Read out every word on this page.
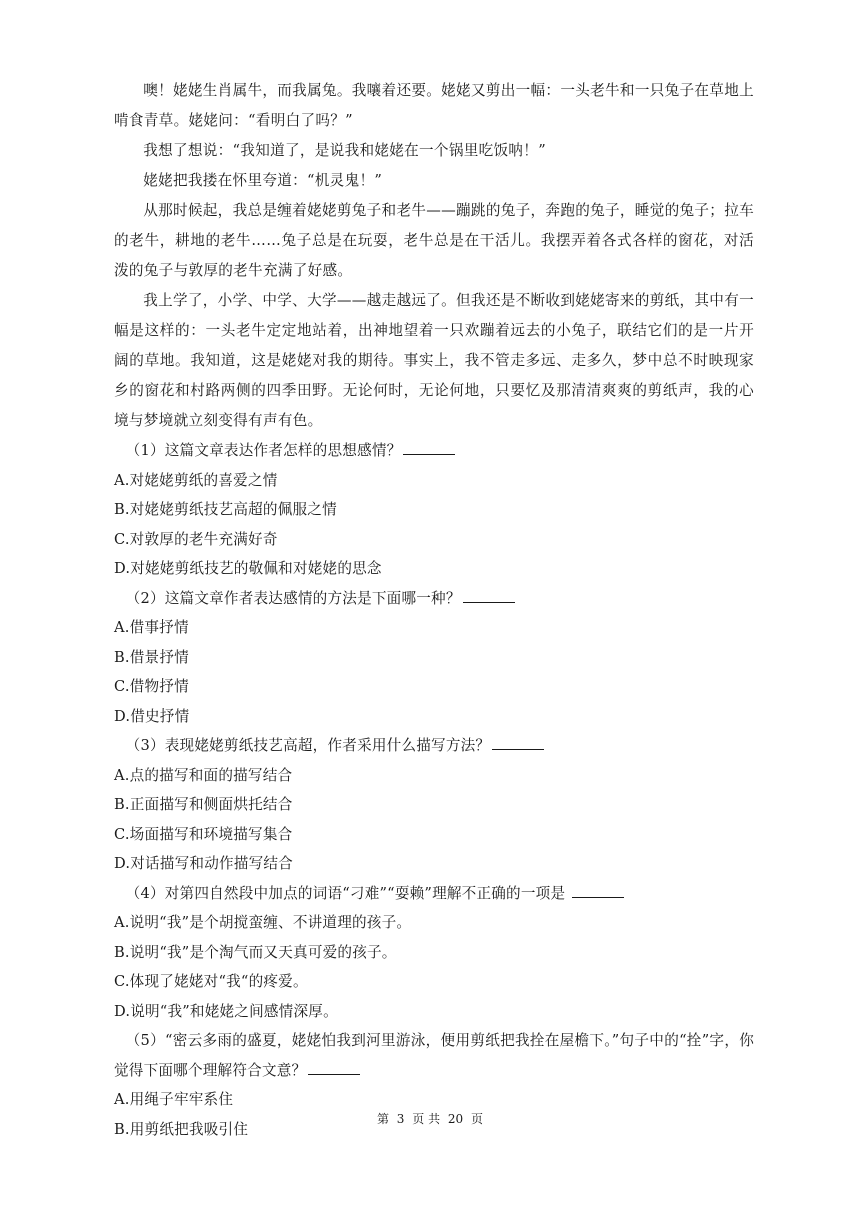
噢！姥姥生肖属牛，而我属兔。我嚷着还要。姥姥又剪出一幅：一头老牛和一只兔子在草地上啃食青草。姥姥问：“看明白了吗？”

我想了想说：“我知道了，是说我和姥姥在一个锅里吃饭呐！”

姥姥把我搂在怀里夸道：“机灵鬼！”

从那时候起，我总是缠着姥姥剪兔子和老牛——蹦跳的兔子，奔跑的兔子，睡觉的兔子；拉车的老牛，耕地的老牛……兔子总是在玩耍，老牛总是在干活儿。我摆弄着各式各样的窗花，对活泼的兔子与敦厚的老牛充满了好感。

我上学了，小学、中学、大学——越走越远了。但我还是不断收到姥姥寄来的剪纸，其中有一幅是这样的：一头老牛定定地站着，出神地望着一只欢蹦着远去的小兔子，联结它们的是一片开阔的草地。我知道，这是姥姥对我的期待。事实上，我不管走多远、走多久，梦中总不时映现家乡的窗花和村路两侧的四季田野。无论何时，无论何地，只要忆及那清清爽爽的剪纸声，我的心境与梦境就立刻变得有声有色。

（1）这篇文章表达作者怎样的思想感情？

A.对姥姥剪纸的喜爱之情

B.对姥姥剪纸技艺高超的佩服之情

C.对敦厚的老牛充满好奇

D.对姥姥剪纸技艺的敬佩和对姥姥的思念

（2）这篇文章作者表达感情的方法是下面哪一种？

A.借事抒情

B.借景抒情

C.借物抒情

D.借史抒情

（3）表现姥姥剪纸技艺高超，作者采用什么描写方法？

A.点的描写和面的描写结合

B.正面描写和侧面烘托结合

C.场面描写和环境描写集合

D.对话描写和动作描写结合

（4）对第四自然段中加点的词语“刁难”“耍赖”理解不正确的一项是

A.说明“我”是个胡搅蛮缠、不讲道理的孩子。

B.说明“我”是个淘气而又天真可爱的孩子。

C.体现了姥姥对“我“的疼爱。

D.说明“我”和姥姥之间感情深厚。

（5）“密云多雨的盛夏，姥姥怕我到河里游泳，便用剪纸把我拴在屋檐下。”句子中的“拴”字，你觉得下面哪个理解符合文意？

A.用绳子牢牢系住

B.用剪纸把我吸引住

第 3 页 共 20 页
